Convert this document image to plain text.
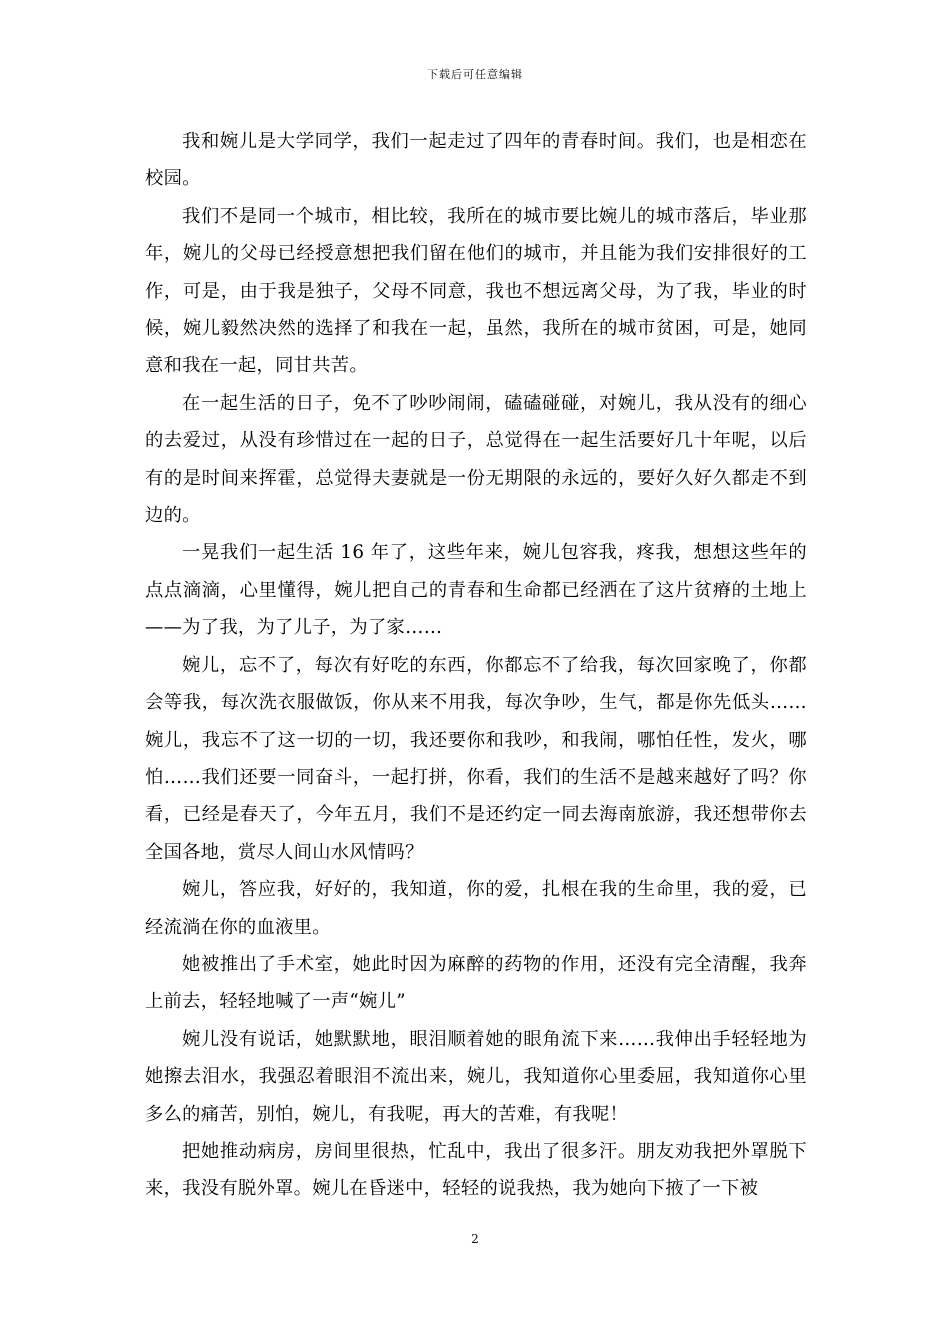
下载后可任意编辑

我和婉儿是大学同学，我们一起走过了四年的青春时间。我们，也是相恋在校园。

我们不是同一个城市，相比较，我所在的城市要比婉儿的城市落后，毕业那年，婉儿的父母已经授意想把我们留在他们的城市，并且能为我们安排很好的工作，可是，由于我是独子，父母不同意，我也不想远离父母，为了我，毕业的时候，婉儿毅然决然的选择了和我在一起，虽然，我所在的城市贫困，可是，她同意和我在一起，同甘共苦。

在一起生活的日子，免不了吵吵闹闹，磕磕碰碰，对婉儿，我从没有的细心的去爱过，从没有珍惜过在一起的日子，总觉得在一起生活要好几十年呢，以后有的是时间来挥霍，总觉得夫妻就是一份无期限的永远的，要好久好久都走不到边的。

一晃我们一起生活 16 年了，这些年来，婉儿包容我，疼我，想想这些年的点点滴滴，心里懂得，婉儿把自己的青春和生命都已经洒在了这片贫瘠的土地上——为了我，为了儿子，为了家……

婉儿，忘不了，每次有好吃的东西，你都忘不了给我，每次回家晚了，你都会等我，每次洗衣服做饭，你从来不用我，每次争吵，生气，都是你先低头……婉儿，我忘不了这一切的一切，我还要你和我吵，和我闹，哪怕任性，发火，哪怕……我们还要一同奋斗，一起打拼，你看，我们的生活不是越来越好了吗？你看，已经是春天了，今年五月，我们不是还约定一同去海南旅游，我还想带你去全国各地，赏尽人间山水风情吗？

婉儿，答应我，好好的，我知道，你的爱，扎根在我的生命里，我的爱，已经流淌在你的血液里。

她被推出了手术室，她此时因为麻醉的药物的作用，还没有完全清醒，我奔上前去，轻轻地喊了一声“婉儿”

婉儿没有说话，她默默地，眼泪顺着她的眼角流下来……我伸出手轻轻地为她擦去泪水，我强忍着眼泪不流出来，婉儿，我知道你心里委屈，我知道你心里多么的痛苦，别怕，婉儿，有我呢，再大的苦难，有我呢！

把她推动病房，房间里很热，忙乱中，我出了很多汗。朋友劝我把外罩脱下来，我没有脱外罩。婉儿在昏迷中，轻轻的说我热，我为她向下掖了一下被

2
